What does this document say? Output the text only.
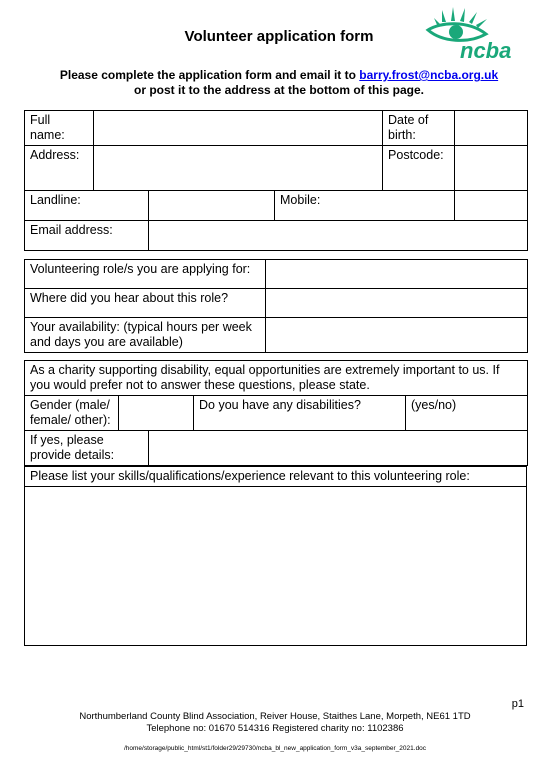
Volunteer application form
ncba
Please complete the application form and email it to barry.frost@ncba.org.uk
or post it to the address at the bottom of this page.
Full name:				Date of birth:	
Address:				Postcode:	
Landline:			Mobile:		
Email address:					
Volunteering role/s you are applying for:	
Where did you hear about this role?	
Your availability: (typical hours per week and days you are available)	
As a charity supporting disability, equal opportunities are extremely important to us. If you would prefer not to answer these questions, please state.				
Gender (male/ female/ other):			Do you have any disabilities?	(yes/no)
If yes, please provide details:				
Please list your skills/qualifications/experience relevant to this volunteering role:

p1
Northumberland County Blind Association, Reiver House, Staithes Lane, Morpeth, NE61 1TD
Telephone no: 01670 514316 Registered charity no: 1102386
/home/storage/public_html/st1/folder29/29730/ncba_bl_new_application_form_v3a_september_2021.doc
